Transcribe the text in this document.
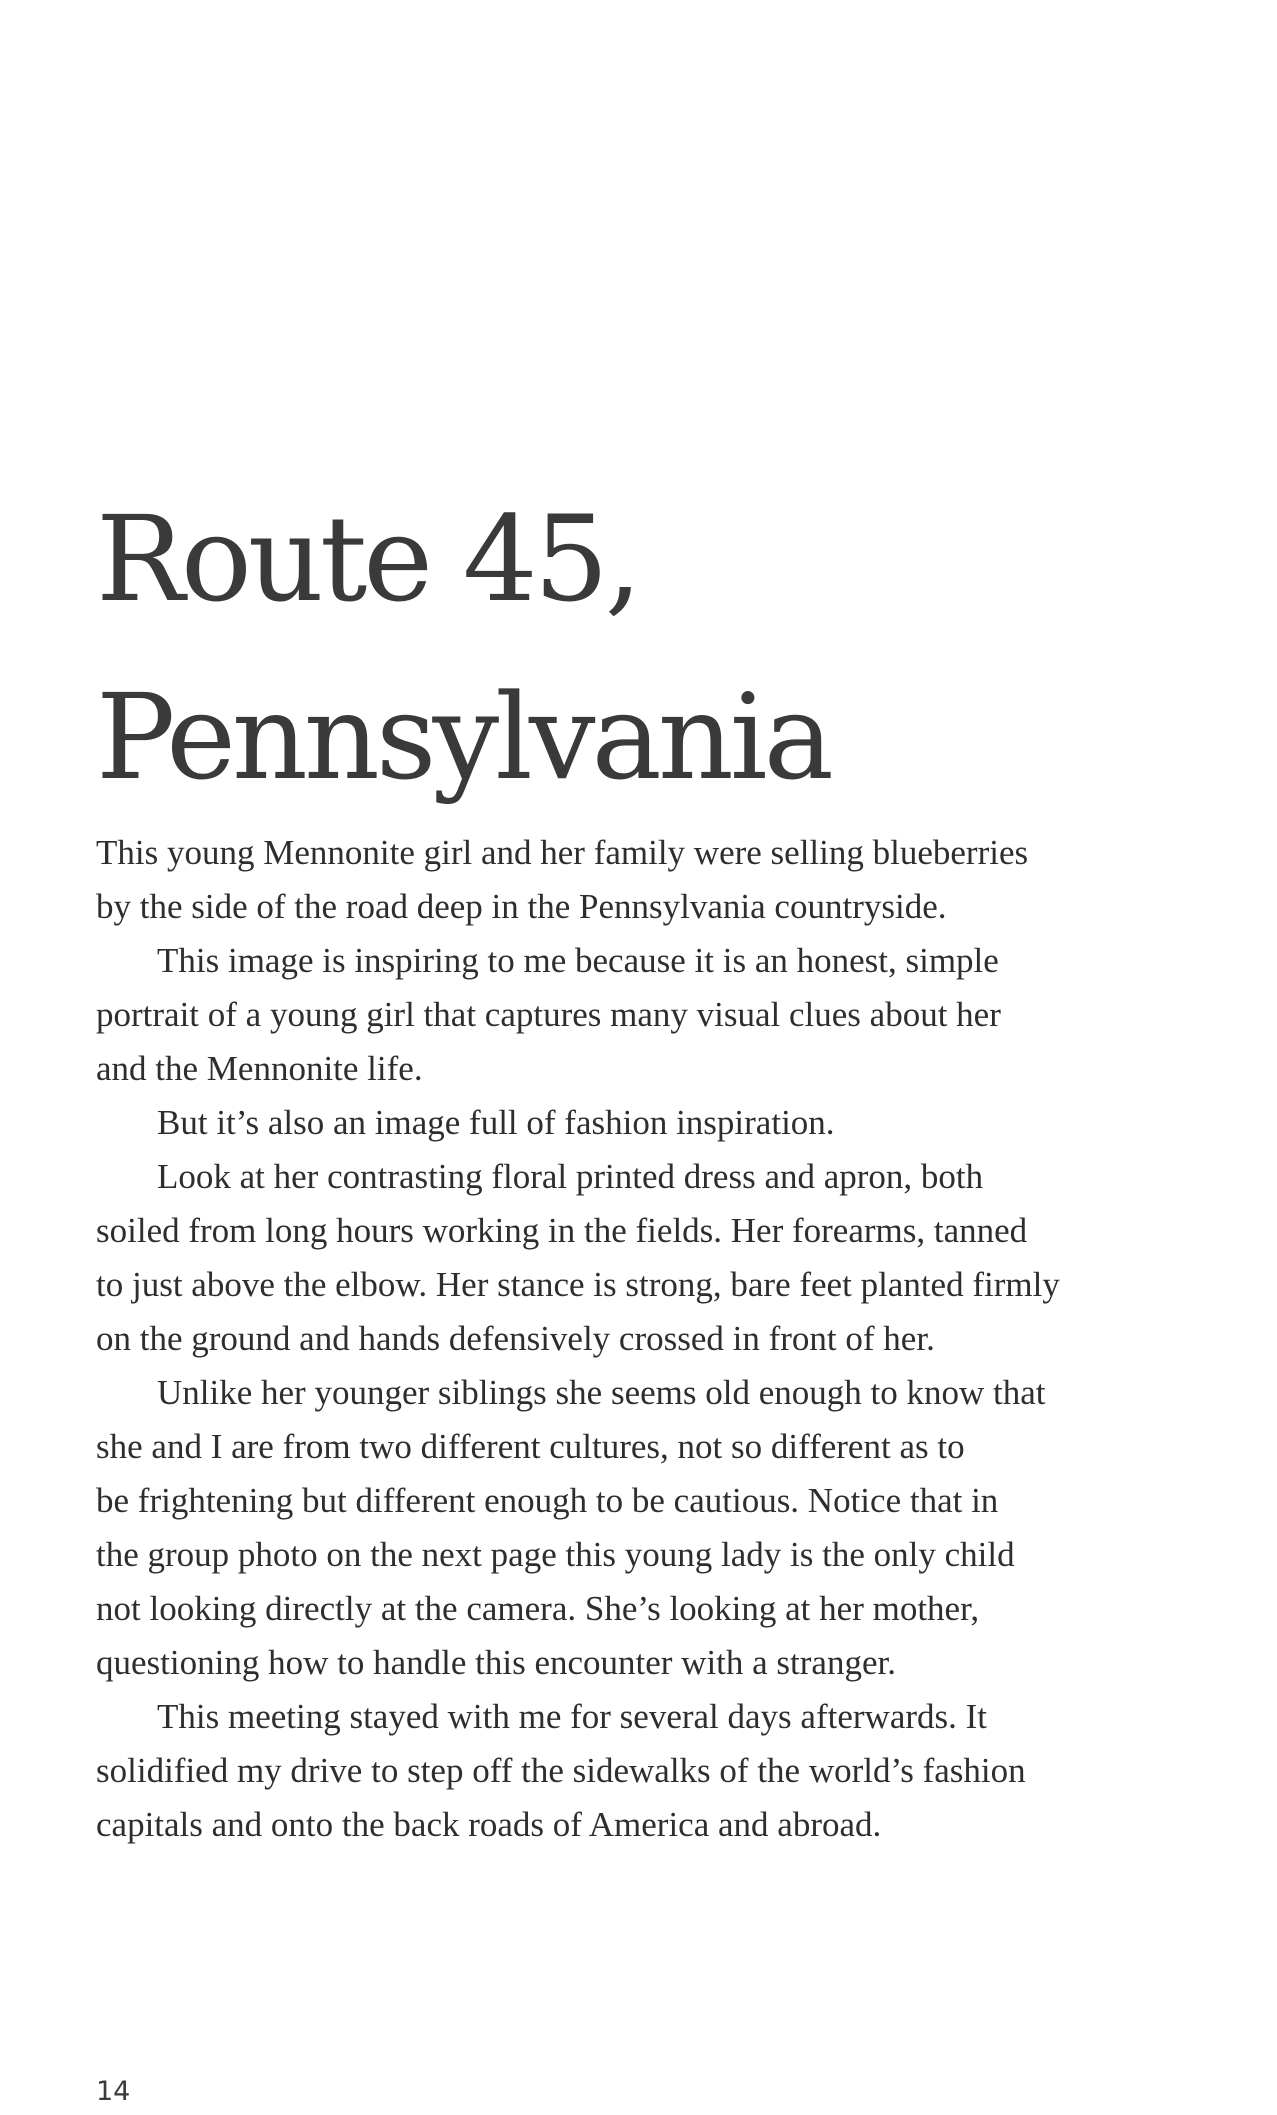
Route 45,
Pennsylvania

This young Mennonite girl and her family were selling blueberries
by the side of the road deep in the Pennsylvania countryside.

This image is inspiring to me because it is an honest, simple
portrait of a young girl that captures many visual clues about her
and the Mennonite life.

But it’s also an image full of fashion inspiration.

Look at her contrasting floral printed dress and apron, both
soiled from long hours working in the fields. Her forearms, tanned
to just above the elbow. Her stance is strong, bare feet planted firmly
on the ground and hands defensively crossed in front of her.

Unlike her younger siblings she seems old enough to know that
she and I are from two different cultures, not so different as to
be frightening but different enough to be cautious. Notice that in
the group photo on the next page this young lady is the only child
not looking directly at the camera. She’s looking at her mother,
questioning how to handle this encounter with a stranger.

This meeting stayed with me for several days afterwards. It
solidified my drive to step off the sidewalks of the world’s fashion
capitals and onto the back roads of America and abroad.

14
